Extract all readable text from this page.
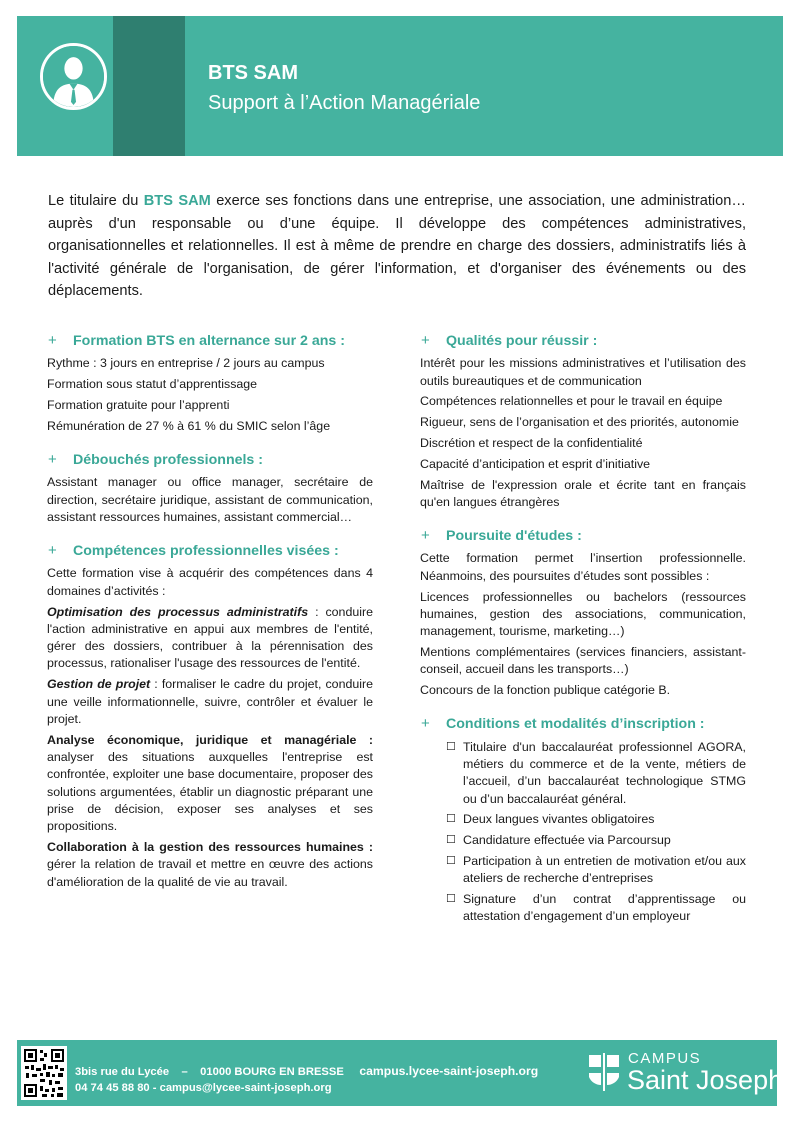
BTS SAM
Support à l’Action Managériale

Le titulaire du BTS SAM exerce ses fonctions dans une entreprise, une association, une administration… auprès d'un responsable ou d’une équipe. Il développe des compétences administratives, organisationnelles et relationnelles. Il est à même de prendre en charge des dossiers, administratifs liés à l'activité générale de l'organisation, de gérer l'information, et d'organiser des événements ou des déplacements.

+	Formation BTS en alternance sur 2 ans :
Rythme : 3 jours en entreprise / 2 jours au campus
Formation sous statut d’apprentissage
Formation gratuite pour l’apprenti
Rémunération de 27 % à 61 % du SMIC selon l’âge
+	Débouchés professionnels :
Assistant manager ou office manager, secrétaire de direction, secrétaire juridique, assistant de communication, assistant ressources humaines, assistant commercial…
+	Compétences professionnelles visées :
Cette formation vise à acquérir des compétences dans 4 domaines d’activités :
Optimisation des processus administratifs : conduire l'action administrative en appui aux membres de l'entité, gérer des dossiers, contribuer à la pérennisation des processus, rationaliser l'usage des ressources de l'entité.
Gestion de projet : formaliser le cadre du projet, conduire une veille informationnelle, suivre, contrôler et évaluer le projet.
Analyse économique, juridique et managériale : analyser des situations auxquelles l'entreprise est confrontée, exploiter une base documentaire, proposer des solutions argumentées, établir un diagnostic préparant une prise de décision, exposer ses analyses et ses propositions.
Collaboration à la gestion des ressources humaines : gérer la relation de travail et mettre en œuvre des actions d'amélioration de la qualité de vie au travail.
+	Qualités pour réussir :
Intérêt pour les missions administratives et l’utilisation des outils bureautiques et de communication
Compétences relationnelles et pour le travail en équipe
Rigueur, sens de l’organisation et des priorités, autonomie
Discrétion et respect de la confidentialité
Capacité d’anticipation et esprit d’initiative
Maîtrise de l'expression orale et écrite tant en français qu'en langues étrangères
+	Poursuite d'études :
Cette formation permet l’insertion professionnelle. Néanmoins, des poursuites d’études sont possibles :
Licences professionnelles ou bachelors (ressources humaines, gestion des associations, communication, management, tourisme, marketing…)
Mentions complémentaires (services financiers, assistant-conseil, accueil dans les transports…)
Concours de la fonction publique catégorie B.
+	Conditions et modalités d’inscription :
☐ Titulaire d'un baccalauréat professionnel AGORA, métiers du commerce et de la vente, métiers de l’accueil, d’un baccalauréat technologique STMG ou d’un baccalauréat général.
☐ Deux langues vivantes obligatoires
☐ Candidature effectuée via Parcoursup
☐ Participation à un entretien de motivation et/ou aux ateliers de recherche d’entreprises
☐ Signature d’un contrat d’apprentissage ou attestation d’engagement d’un employeur
3bis rue du Lycée    –    01000 BOURG EN BRESSE campus.lycee-saint-joseph.org
04 74 45 88 80 - campus@lycee-saint-joseph.org
CAMPUS
Saint Joseph
